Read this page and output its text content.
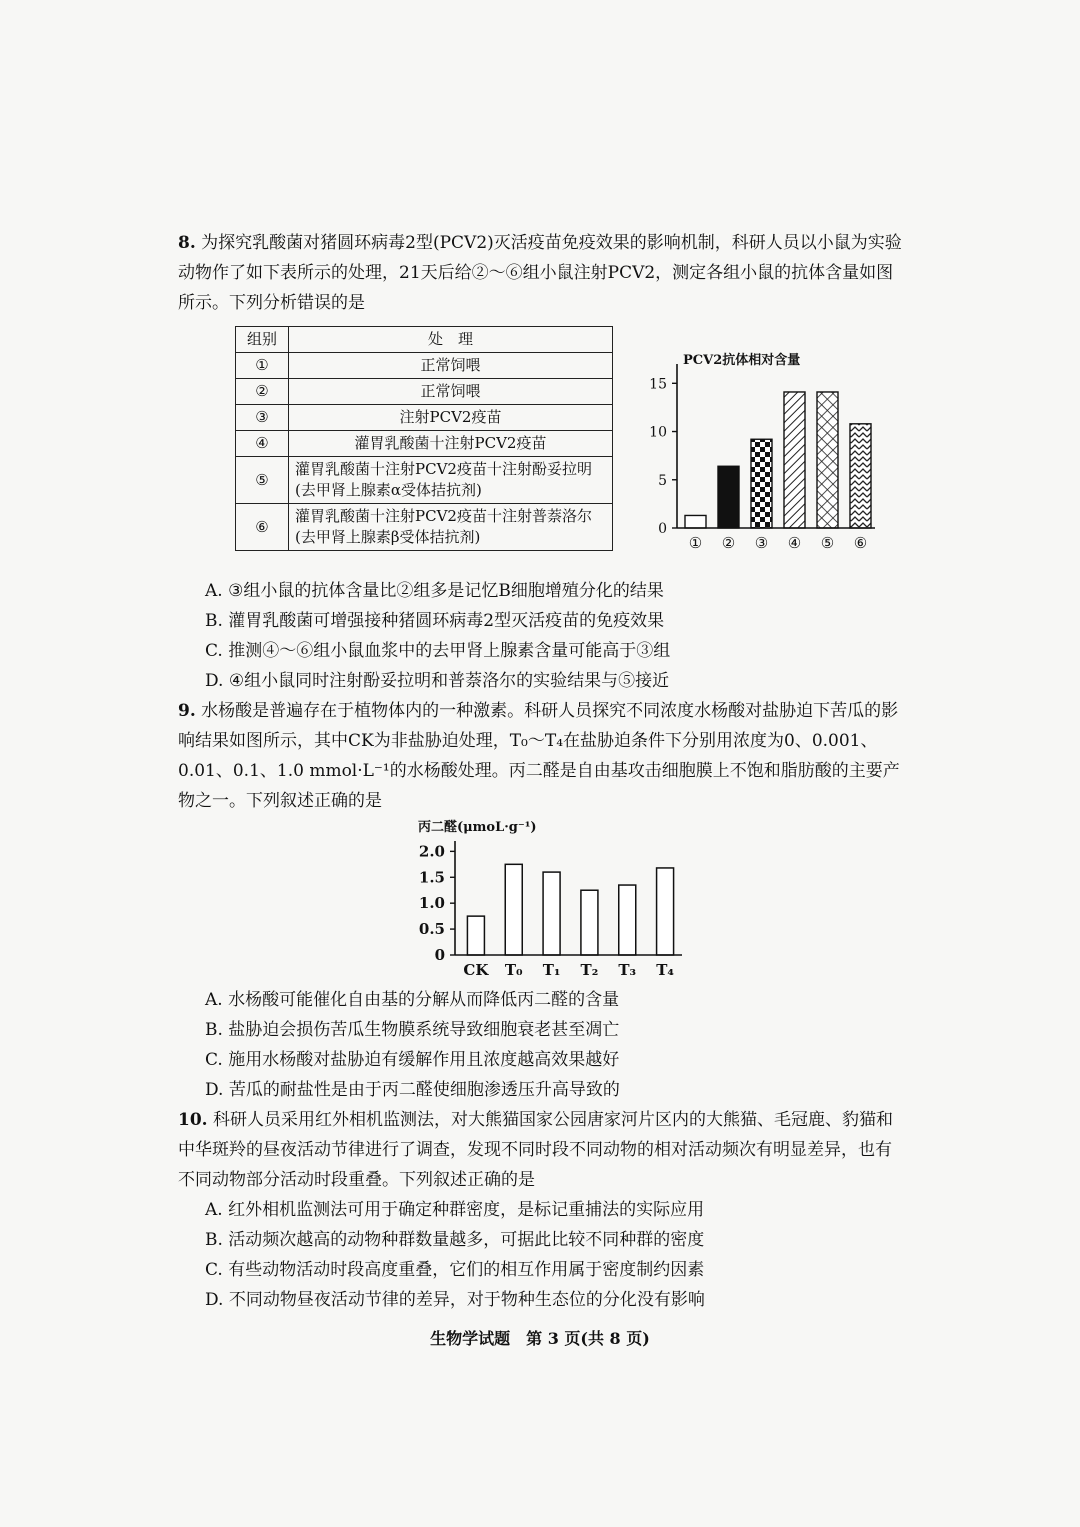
8. 为探究乳酸菌对猪圆环病毒2型(PCV2)灭活疫苗免疫效果的影响机制，科研人员以小鼠为实验动物作了如下表所示的处理，21天后给②～⑥组小鼠注射PCV2，测定各组小鼠的抗体含量如图所示。下列分析错误的是
组别	处　理
①	正常饲喂
②	正常饲喂
③	注射PCV2疫苗
④	灌胃乳酸菌十注射PCV2疫苗
⑤	灌胃乳酸菌十注射PCV2疫苗十注射酚妥拉明(去甲肾上腺素α受体拮抗剂)
⑥	灌胃乳酸菌十注射PCV2疫苗十注射普萘洛尔(去甲肾上腺素β受体拮抗剂)
PCV2抗体相对含量
0
5
10
15
① ② ③ ④ ⑤ ⑥
A. ③组小鼠的抗体含量比②组多是记忆B细胞增殖分化的结果
B. 灌胃乳酸菌可增强接种猪圆环病毒2型灭活疫苗的免疫效果
C. 推测④～⑥组小鼠血浆中的去甲肾上腺素含量可能高于③组
D. ④组小鼠同时注射酚妥拉明和普萘洛尔的实验结果与⑤接近
9. 水杨酸是普遍存在于植物体内的一种激素。科研人员探究不同浓度水杨酸对盐胁迫下苦瓜的影响结果如图所示，其中CK为非盐胁迫处理，T₀～T₄在盐胁迫条件下分别用浓度为0、0.001、0.01、0.1、1.0 mmol·L⁻¹的水杨酸处理。丙二醛是自由基攻击细胞膜上不饱和脂肪酸的主要产物之一。下列叙述正确的是
丙二醛(μmoL·g⁻¹)
0
0.5
1.0
1.5
2.0
CK T₀ T₁ T₂ T₃ T₄
A. 水杨酸可能催化自由基的分解从而降低丙二醛的含量
B. 盐胁迫会损伤苦瓜生物膜系统导致细胞衰老甚至凋亡
C. 施用水杨酸对盐胁迫有缓解作用且浓度越高效果越好
D. 苦瓜的耐盐性是由于丙二醛使细胞渗透压升高导致的
10. 科研人员采用红外相机监测法，对大熊猫国家公园唐家河片区内的大熊猫、毛冠鹿、豹猫和中华斑羚的昼夜活动节律进行了调查，发现不同时段不同动物的相对活动频次有明显差异，也有不同动物部分活动时段重叠。下列叙述正确的是
A. 红外相机监测法可用于确定种群密度，是标记重捕法的实际应用
B. 活动频次越高的动物种群数量越多，可据此比较不同种群的密度
C. 有些动物活动时段高度重叠，它们的相互作用属于密度制约因素
D. 不同动物昼夜活动节律的差异，对于物种生态位的分化没有影响
生物学试题　第 3 页(共 8 页)
